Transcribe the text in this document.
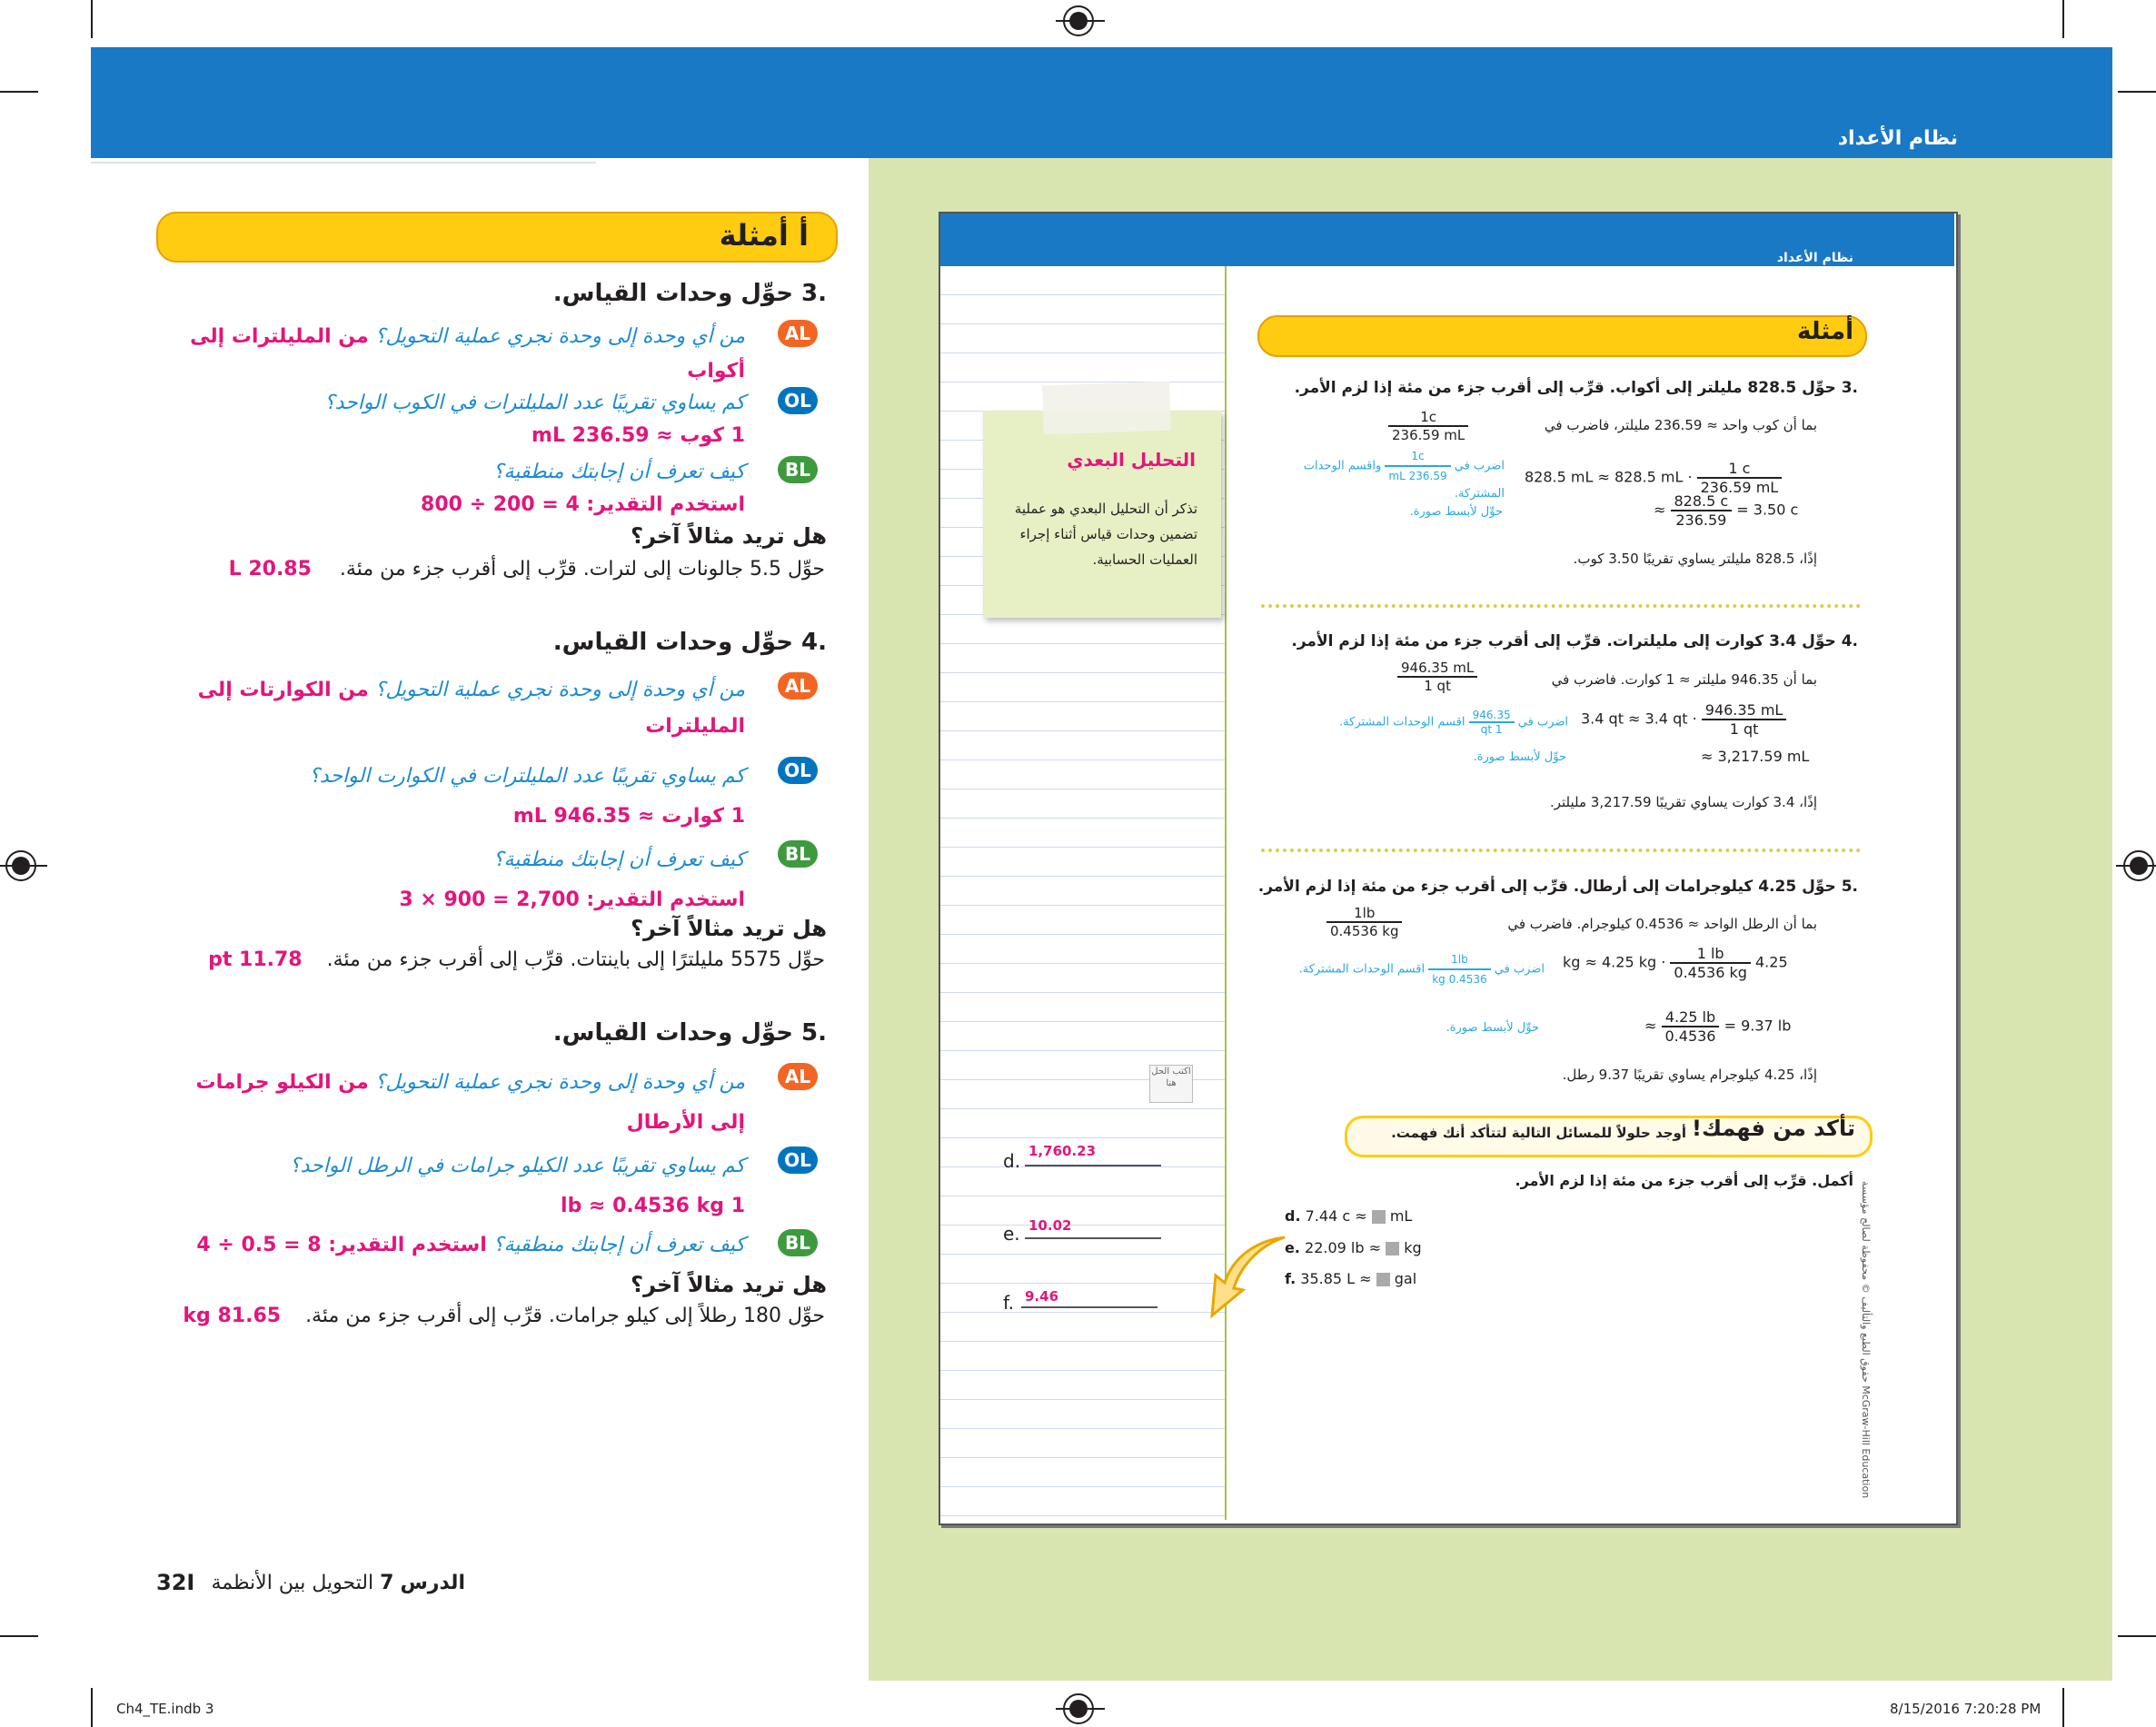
نظام الأعداد
أ أمثلة
.3 حوِّل وحدات القياس.
AL
من أي وحدة إلى وحدة نجري عملية التحويل؟ من المليلترات إلى أكواب
OL
كم يساوي تقريبًا عدد المليلترات في الكوب الواحد؟
1 كوب ≈ 236.59 mL
BL
كيف تعرف أن إجابتك منطقية؟
استخدم التقدير: 4 = 200 ÷ 800
هل تريد مثالاً آخر؟
حوِّل 5.5 جالونات إلى لترات. قرِّب إلى أقرب جزء من مئة. 20.85 L
.4 حوِّل وحدات القياس.
AL
من أي وحدة إلى وحدة نجري عملية التحويل؟ من الكوارتات إلى المليلترات
OL
كم يساوي تقريبًا عدد المليلترات في الكوارت الواحد؟
1 كوارت ≈ 946.35 mL
BL
كيف تعرف أن إجابتك منطقية؟
استخدم التقدير: 2,700 = 900 × 3
هل تريد مثالاً آخر؟
حوِّل 5575 مليلترًا إلى باينتات. قرِّب إلى أقرب جزء من مئة. 11.78 pt
.5 حوِّل وحدات القياس.
AL
من أي وحدة إلى وحدة نجري عملية التحويل؟ من الكيلو جرامات إلى الأرطال
OL
كم يساوي تقريبًا عدد الكيلو جرامات في الرطل الواحد؟
1 lb ≈ 0.4536 kg
BL
كيف تعرف أن إجابتك منطقية؟ استخدم التقدير: 8 = 0.5 ÷ 4
هل تريد مثالاً آخر؟
حوِّل 180 رطلاً إلى كيلو جرامات. قرِّب إلى أقرب جزء من مئة. 81.65 kg
الدرس 7 التحويل بين الأنظمة
32I
Ch4_TE.indb 3	8/15/2016 7:20:28 PM
نظام الأعداد
التحليل البعدي
تذكر أن التحليل البعدي هو عملية تضمين وحدات قياس أثناء إجراء العمليات الحسابية.
اكتب الحل هنا
أمثلة
.3 حوِّل 828.5 مليلتر إلى أكواب. قرِّب إلى أقرب جزء من مئة إذا لزم الأمر.
بما أن كوب واحد ≈ 236.59 مليلتر، فاضرب في
$\frac{1c}{236.59 mL}$
اضرب في
$\frac{1c}{236.59 mL}$
واقسم الوحدات المشتركة.
828.5 mL ≈ 828.5 mL · $\frac{1 c}{236.59 mL}$
≈ $\frac{828.5 c}{236.59} = 3.50$ c
حوِّل لأبسط صورة.
إذًا، 828.5 مليلتر يساوي تقريبًا 3.50 كوب.
.4 حوِّل 3.4 كوارت إلى مليلترات. قرِّب إلى أقرب جزء من مئة إذا لزم الأمر.
بما أن 946.35 مليلتر ≈ 1 كوارت. فاضرب في
$\frac{946.35 mL}{1 qt}$
3.4 qt ≈ 3.4 qt · $\frac{946.35 mL}{1 qt}$
اضرب في
$\frac{946.35}{1 qt}$
اقسم الوحدات المشتركة.
≈ 3,217.59 mL
حوِّل لأبسط صورة.
إذًا، 3.4 كوارت يساوي تقريبًا 3,217.59 مليلتر.
.5 حوِّل 4.25 كيلوجرامات إلى أرطال. قرِّب إلى أقرب جزء من مئة إذا لزم الأمر.
بما أن الرطل الواحد ≈ 0.4536 كيلوجرام. فاضرب في
$\frac{1lb}{0.4536 kg}$
kg ≈ 4.25 kg · $\frac{1 lb}{0.4536 kg} 4.25$
اضرب في
$\frac{1lb}{0.4536 kg}$
اقسم الوحدات المشتركة.
≈ $\frac{4.25 lb}{0.4536} = 9.37$ lb
حوِّل لأبسط صورة.
إذًا، 4.25 كيلوجرام يساوي تقريبًا 9.37 رطل.
تأكد من فهمك!
أوجد حلولاً للمسائل التالية لتتأكد أنك فهمت.
أكمل. قرِّب إلى أقرب جزء من مئة إذا لزم الأمر.
d. 7.44 c ≈ mL
e. 22.09 lb ≈ kg
f. 35.85 L ≈ gal
d. 1,760.23
e. 10.02
f. 9.46	حقوق الطبع والتأليف © محفوظة لصالح مؤسسة McGraw-Hill Education
